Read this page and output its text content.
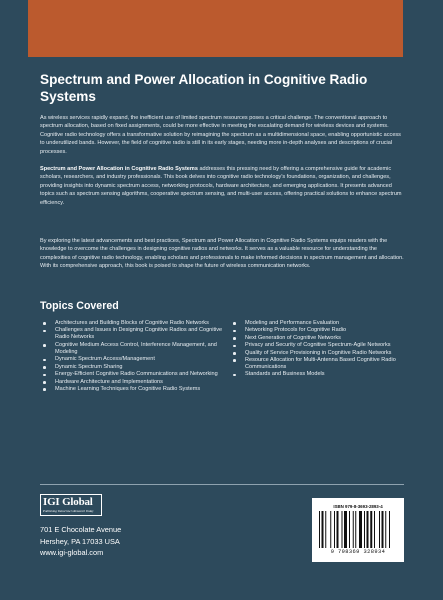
Spectrum and Power Allocation in Cognitive Radio Systems

As wireless services rapidly expand, the inefficient use of limited spectrum resources poses a critical challenge. The conventional approach to spectrum allocation, based on fixed assignments, could be more effective in meeting the escalating demand for wireless devices and systems. Cognitive radio technology offers a transformative solution by reimagining the spectrum as a multidimensional space, enabling opportunistic access to underutilized bands. However, the field of cognitive radio is still in its early stages, needing more in-depth analyses and descriptions of crucial processes.

Spectrum and Power Allocation in Cognitive Radio Systems addresses this pressing need by offering a comprehensive guide for academic scholars, researchers, and industry professionals. This book delves into cognitive radio technology's foundations, organization, and challenges, providing insights into dynamic spectrum access, networking protocols, hardware architecture, and emerging applications. It presents advanced topics such as spectrum sensing algorithms, cooperative spectrum sensing, and multi-user access, offering practical solutions to enhance spectrum efficiency.

By exploring the latest advancements and best practices, Spectrum and Power Allocation in Cognitive Radio Systems equips readers with the knowledge to overcome the challenges in designing cognitive radios and networks. It serves as a valuable resource for understanding the complexities of cognitive radio technology, enabling scholars and professionals to make informed decisions in spectrum management and allocation. With its comprehensive approach, this book is poised to shape the future of wireless communication networks.

Topics Covered
Architectures and Building Blocks of Cognitive Radio Networks
Challenges and Issues in Designing Cognitive Radios and Cognitive Radio Networks
Cognitive Medium Access Control, Interference Management, and Modeling
Dynamic Spectrum Access/Management
Dynamic Spectrum Sharing
Energy-Efficient Cognitive Radio Communications and Networking
Hardware Architecture and Implementations
Machine Learning Techniques for Cognitive Radio Systems
Modeling and Performance Evaluation
Networking Protocols for Cognitive Radio
Next Generation of Cognitive Networks
Privacy and Security of Cognitive Spectrum-Agile Networks
Quality of Service Provisioning in Cognitive Radio Networks
Resource Allocation for Multi-Antenna Based Cognitive Radio Communications
Standards and Business Models
IGI Global
Publishing Tomorrow's Research Today
701 E Chocolate Avenue
Hershey, PA 17033 USA
www.igi-global.com
ISBN 979-8-3693-2893-4
9 798369 328934
